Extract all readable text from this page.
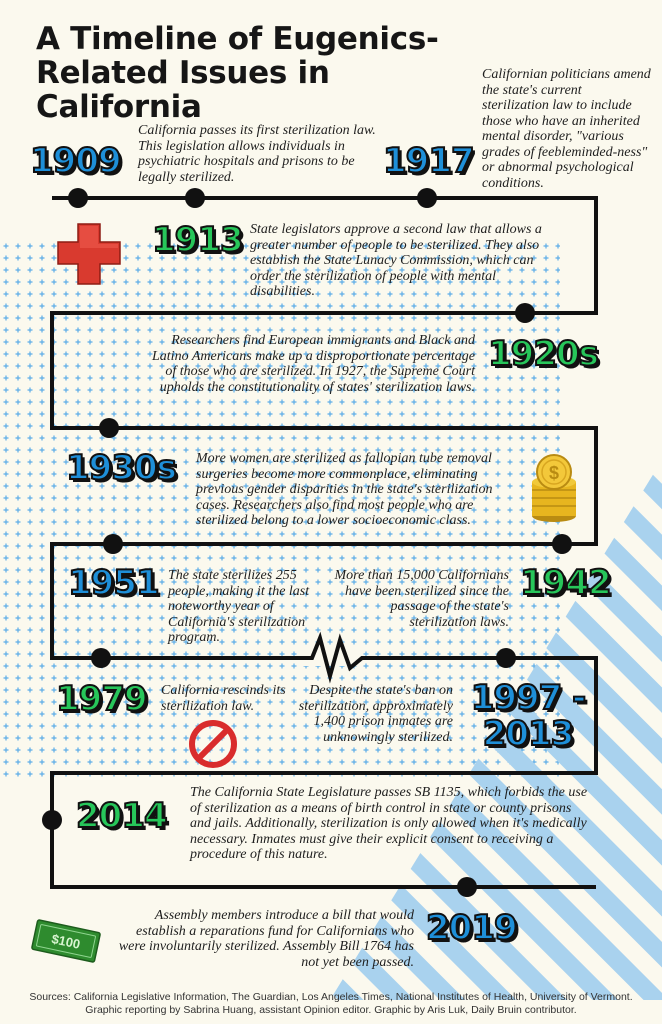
$
$100
A Timeline of Eugenics-Related Issues in California
1909
California passes its first sterilization law. This legislation allows individuals in psychiatric hospitals and prisons to be legally sterilized.	1917
Californian politicians amend the state's current sterilization law to include those who have an inherited mental disorder, "various grades of feebleminded-ness" or abnormal psychological conditions.
1913 State legislators approve a second law that allows a greater number of people to be sterilized. They also establish the State Lunacy Commission, which can order the sterilization of people with mental disabilities.
Researchers find European immigrants and Black and Latino Americans make up a disproportionate percentage of those who are sterilized. In 1927, the Supreme Court upholds the constitutionality of states' sterilization laws.
1920s
1930s More women are sterilized as fallopian tube removal surgeries become more commonplace, eliminating previous gender disparities in the state's sterilization cases. Researchers also find most people who are sterilized belong to a lower socioeconomic class.
1951 The state sterilizes 255 people, making it the last noteworthy year of California's sterilization program.
More than 15,000 Californians have been sterilized since the passage of the state's sterilization laws.
1942
1979 California rescinds its sterilization law.
Despite the state's ban on sterilization, approximately 1,400 prison inmates are unknowingly sterilized.
1997 - 2013
2014
The California State Legislature passes SB 1135, which forbids the use of sterilization as a means of birth control in state or county prisons and jails. Additionally, sterilization is only allowed when it's medically necessary. Inmates must give their explicit consent to receiving a procedure of this nature.
Assembly members introduce a bill that would establish a reparations fund for Californians who were involuntarily sterilized. Assembly Bill 1764 has not yet been passed.
2019
Sources: California Legislative Information, The Guardian, Los Angeles Times, National Institutes of Health, University of Vermont.
Graphic reporting by Sabrina Huang, assistant Opinion editor. Graphic by Aris Luk, Daily Bruin contributor.
